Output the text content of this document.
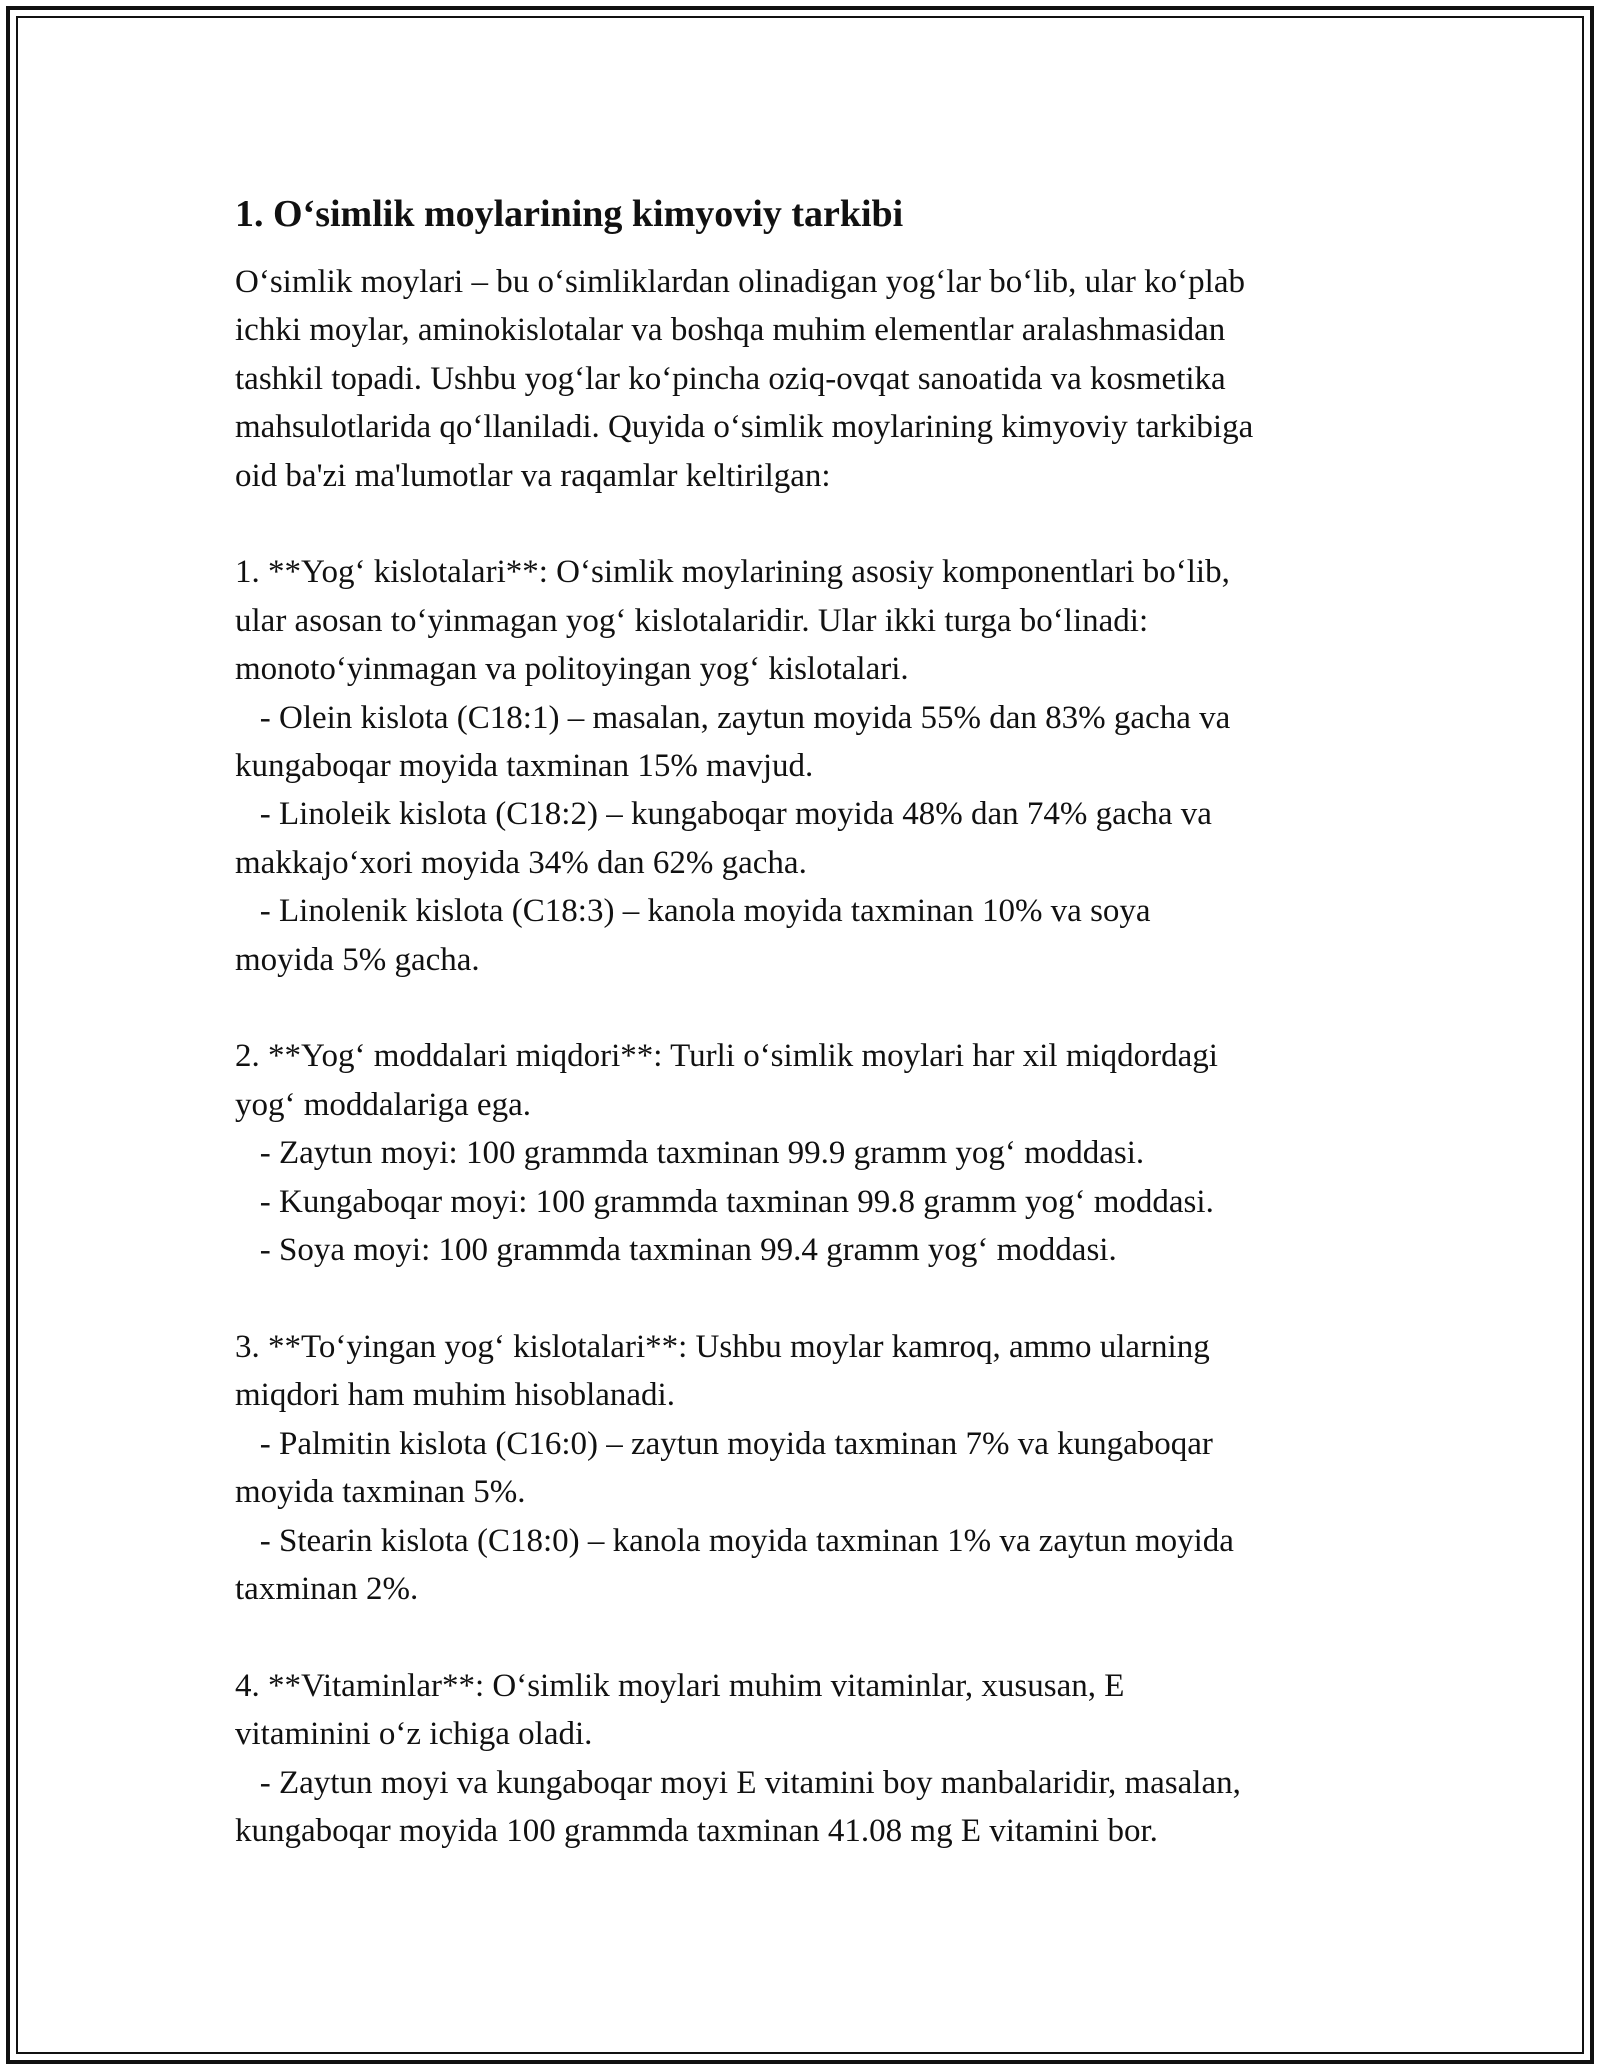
1. O‘simlik moylarining kimyoviy tarkibi

O‘simlik moylari – bu o‘simliklardan olinadigan yog‘lar bo‘lib, ular ko‘plab
ichki moylar, aminokislotalar va boshqa muhim elementlar aralashmasidan
tashkil topadi. Ushbu yog‘lar ko‘pincha oziq-ovqat sanoatida va kosmetika
mahsulotlarida qo‘llaniladi. Quyida o‘simlik moylarining kimyoviy tarkibiga
oid ba'zi ma'lumotlar va raqamlar keltirilgan:

1. **Yog‘ kislotalari**: O‘simlik moylarining asosiy komponentlari bo‘lib,
ular asosan to‘yinmagan yog‘ kislotalaridir. Ular ikki turga bo‘linadi:
monoto‘yinmagan va politoyingan yog‘ kislotalari.

- Olein kislota (C18:1) – masalan, zaytun moyida 55% dan 83% gacha va
kungaboqar moyida taxminan 15% mavjud.

- Linoleik kislota (C18:2) – kungaboqar moyida 48% dan 74% gacha va
makkajo‘xori moyida 34% dan 62% gacha.

- Linolenik kislota (C18:3) – kanola moyida taxminan 10% va soya
moyida 5% gacha.

2. **Yog‘ moddalari miqdori**: Turli o‘simlik moylari har xil miqdordagi
yog‘ moddalariga ega.

- Zaytun moyi: 100 grammda taxminan 99.9 gramm yog‘ moddasi.

- Kungaboqar moyi: 100 grammda taxminan 99.8 gramm yog‘ moddasi.

- Soya moyi: 100 grammda taxminan 99.4 gramm yog‘ moddasi.

3. **To‘yingan yog‘ kislotalari**: Ushbu moylar kamroq, ammo ularning
miqdori ham muhim hisoblanadi.

- Palmitin kislota (C16:0) – zaytun moyida taxminan 7% va kungaboqar
moyida taxminan 5%.

- Stearin kislota (C18:0) – kanola moyida taxminan 1% va zaytun moyida
taxminan 2%.

4. **Vitaminlar**: O‘simlik moylari muhim vitaminlar, xususan, E
vitaminini o‘z ichiga oladi.

- Zaytun moyi va kungaboqar moyi E vitamini boy manbalaridir, masalan,
kungaboqar moyida 100 grammda taxminan 41.08 mg E vitamini bor.
